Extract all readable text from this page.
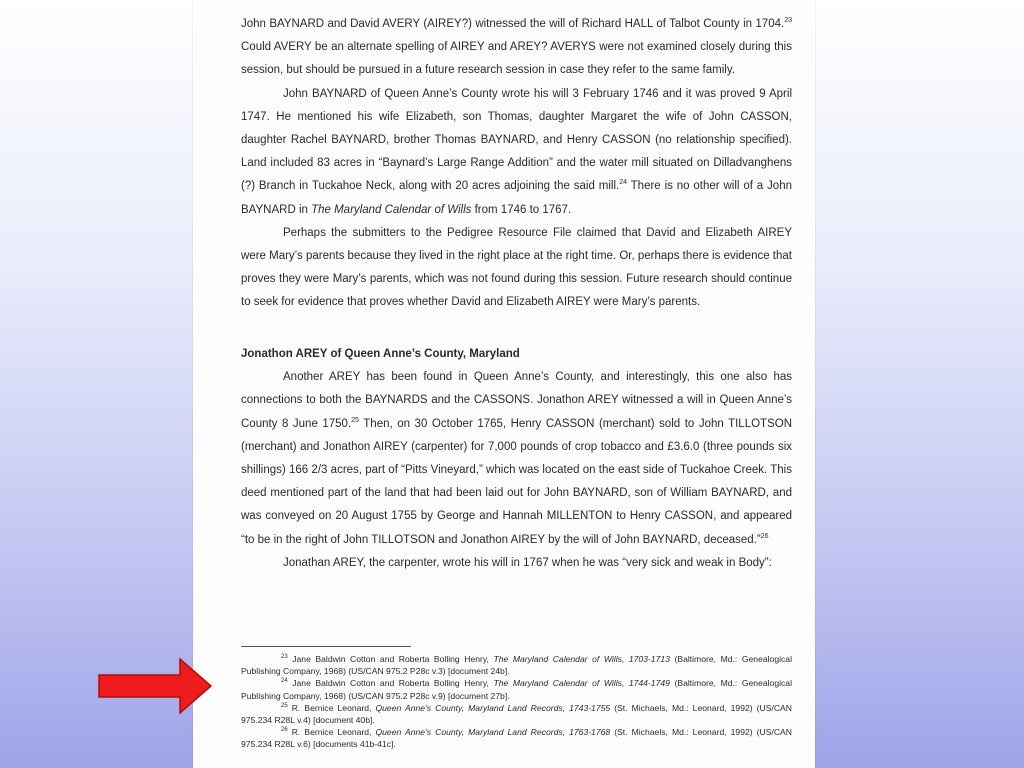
John BAYNARD and David AVERY (AIREY?) witnessed the will of Richard HALL of Talbot County in 1704.23 Could AVERY be an alternate spelling of AIREY and AREY? AVERYS were not examined closely during this session, but should be pursued in a future research session in case they refer to the same family.

John BAYNARD of Queen Anne’s County wrote his will 3 February 1746 and it was proved 9 April 1747. He mentioned his wife Elizabeth, son Thomas, daughter Margaret the wife of John CASSON, daughter Rachel BAYNARD, brother Thomas BAYNARD, and Henry CASSON (no relationship specified). Land included 83 acres in “Baynard’s Large Range Addition” and the water mill situated on Dilladvanghens (?) Branch in Tuckahoe Neck, along with 20 acres adjoining the said mill.$^{24}$ There is no other will of a John BAYNARD in The Maryland Calendar of Wills from 1746 to 1767.

Perhaps the submitters to the Pedigree Resource File claimed that David and Elizabeth AIREY were Mary’s parents because they lived in the right place at the right time. Or, perhaps there is evidence that proves they were Mary’s parents, which was not found during this session. Future research should continue to seek for evidence that proves whether David and Elizabeth AIREY were Mary’s parents.

Jonathon AREY of Queen Anne’s County, Maryland

Another AREY has been found in Queen Anne’s County, and interestingly, this one also has connections to both the BAYNARDS and the CASSONS. Jonathon AREY witnessed a will in Queen Anne’s County 8 June 1750.25 Then, on 30 October 1765, Henry CASSON (merchant) sold to John TILLOTSON (merchant) and Jonathon AIREY (carpenter) for 7,000 pounds of crop tobacco and £3.6.0 (three pounds six shillings) 166 2/3 acres, part of “Pitts Vineyard,” which was located on the east side of Tuckahoe Creek. This deed mentioned part of the land that had been laid out for John BAYNARD, son of William BAYNARD, and was conveyed on 20 August 1755 by George and Hannah MILLENTON to Henry CASSON, and appeared “to be in the right of John TILLOTSON and Jonathon AIREY by the will of John BAYNARD, deceased.”$^{26}$

Jonathan AREY, the carpenter, wrote his will in 1767 when he was “very sick and weak in Body”:

$^{23}$ Jane Baldwin Cotton and Roberta Bolling Henry, The Maryland Calendar of Wills, 1703-1713 (Baltimore, Md.: Genealogical Publishing Company, 1968) (US/CAN 975.2 P28c v.3) [document 24b].

$^{24}$ Jane Baldwin Cotton and Roberta Bolling Henry, The Maryland Calendar of Wills, 1744-1749 (Baltimore, Md.: Genealogical Publishing Company, 1968) (US/CAN 975.2 P28c v.9) [document 27b].

$^{25}$ R. Bernice Leonard, Queen Anne’s County, Maryland Land Records, 1743-1755 (St. Michaels, Md.: Leonard, 1992) (US/CAN 975.234 R28L v.4) [document 40b].

$^{26}$ R. Bernice Leonard, Queen Anne’s County, Maryland Land Records, 1763-1768 (St. Michaels, Md.: Leonard, 1992) (US/CAN 975.234 R28L v.6) [documents 41b-41c].
